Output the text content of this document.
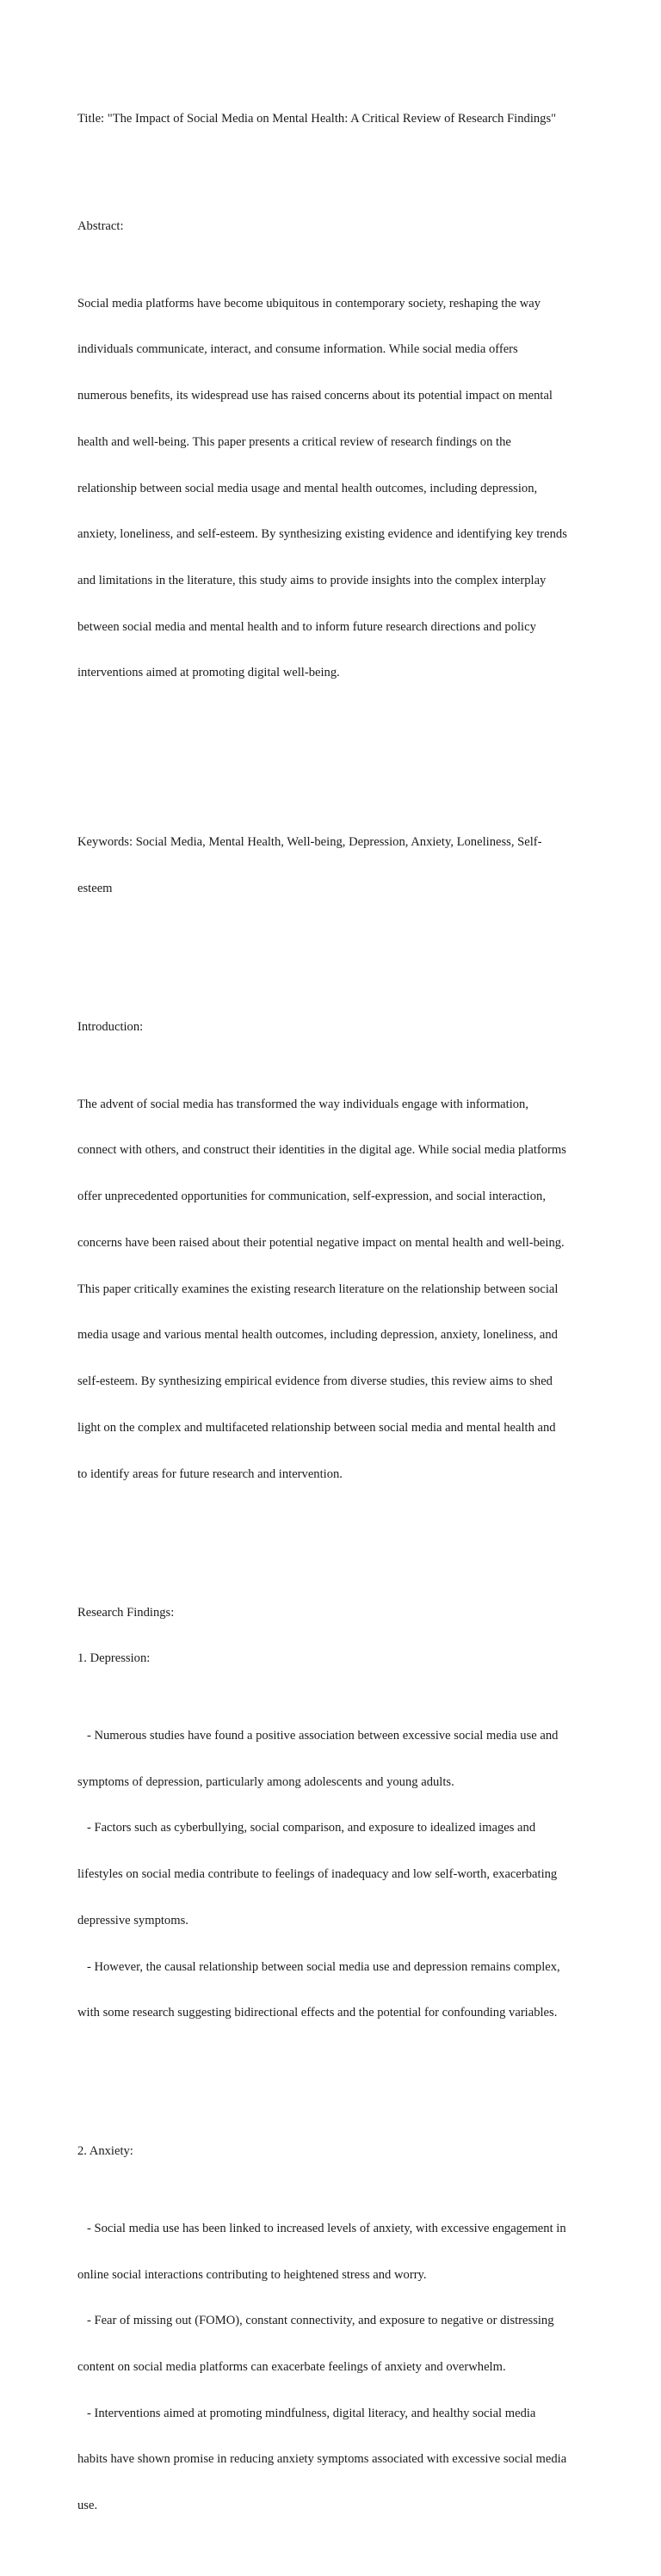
Title: "The Impact of Social Media on Mental Health: A Critical Review of Research Findings"

Abstract:

Social media platforms have become ubiquitous in contemporary society, reshaping the way

individuals communicate, interact, and consume information. While social media offers

numerous benefits, its widespread use has raised concerns about its potential impact on mental

health and well-being. This paper presents a critical review of research findings on the

relationship between social media usage and mental health outcomes, including depression,

anxiety, loneliness, and self-esteem. By synthesizing existing evidence and identifying key trends

and limitations in the literature, this study aims to provide insights into the complex interplay

between social media and mental health and to inform future research directions and policy

interventions aimed at promoting digital well-being.

Keywords: Social Media, Mental Health, Well-being, Depression, Anxiety, Loneliness, Self-

esteem

Introduction:

The advent of social media has transformed the way individuals engage with information,

connect with others, and construct their identities in the digital age. While social media platforms

offer unprecedented opportunities for communication, self-expression, and social interaction,

concerns have been raised about their potential negative impact on mental health and well-being.

This paper critically examines the existing research literature on the relationship between social

media usage and various mental health outcomes, including depression, anxiety, loneliness, and

self-esteem. By synthesizing empirical evidence from diverse studies, this review aims to shed

light on the complex and multifaceted relationship between social media and mental health and

to identify areas for future research and intervention.

Research Findings:

1. Depression:

- Numerous studies have found a positive association between excessive social media use and

symptoms of depression, particularly among adolescents and young adults.

- Factors such as cyberbullying, social comparison, and exposure to idealized images and

lifestyles on social media contribute to feelings of inadequacy and low self-worth, exacerbating

depressive symptoms.

- However, the causal relationship between social media use and depression remains complex,

with some research suggesting bidirectional effects and the potential for confounding variables.

2. Anxiety:

- Social media use has been linked to increased levels of anxiety, with excessive engagement in

online social interactions contributing to heightened stress and worry.

- Fear of missing out (FOMO), constant connectivity, and exposure to negative or distressing

content on social media platforms can exacerbate feelings of anxiety and overwhelm.

- Interventions aimed at promoting mindfulness, digital literacy, and healthy social media

habits have shown promise in reducing anxiety symptoms associated with excessive social media

use.
